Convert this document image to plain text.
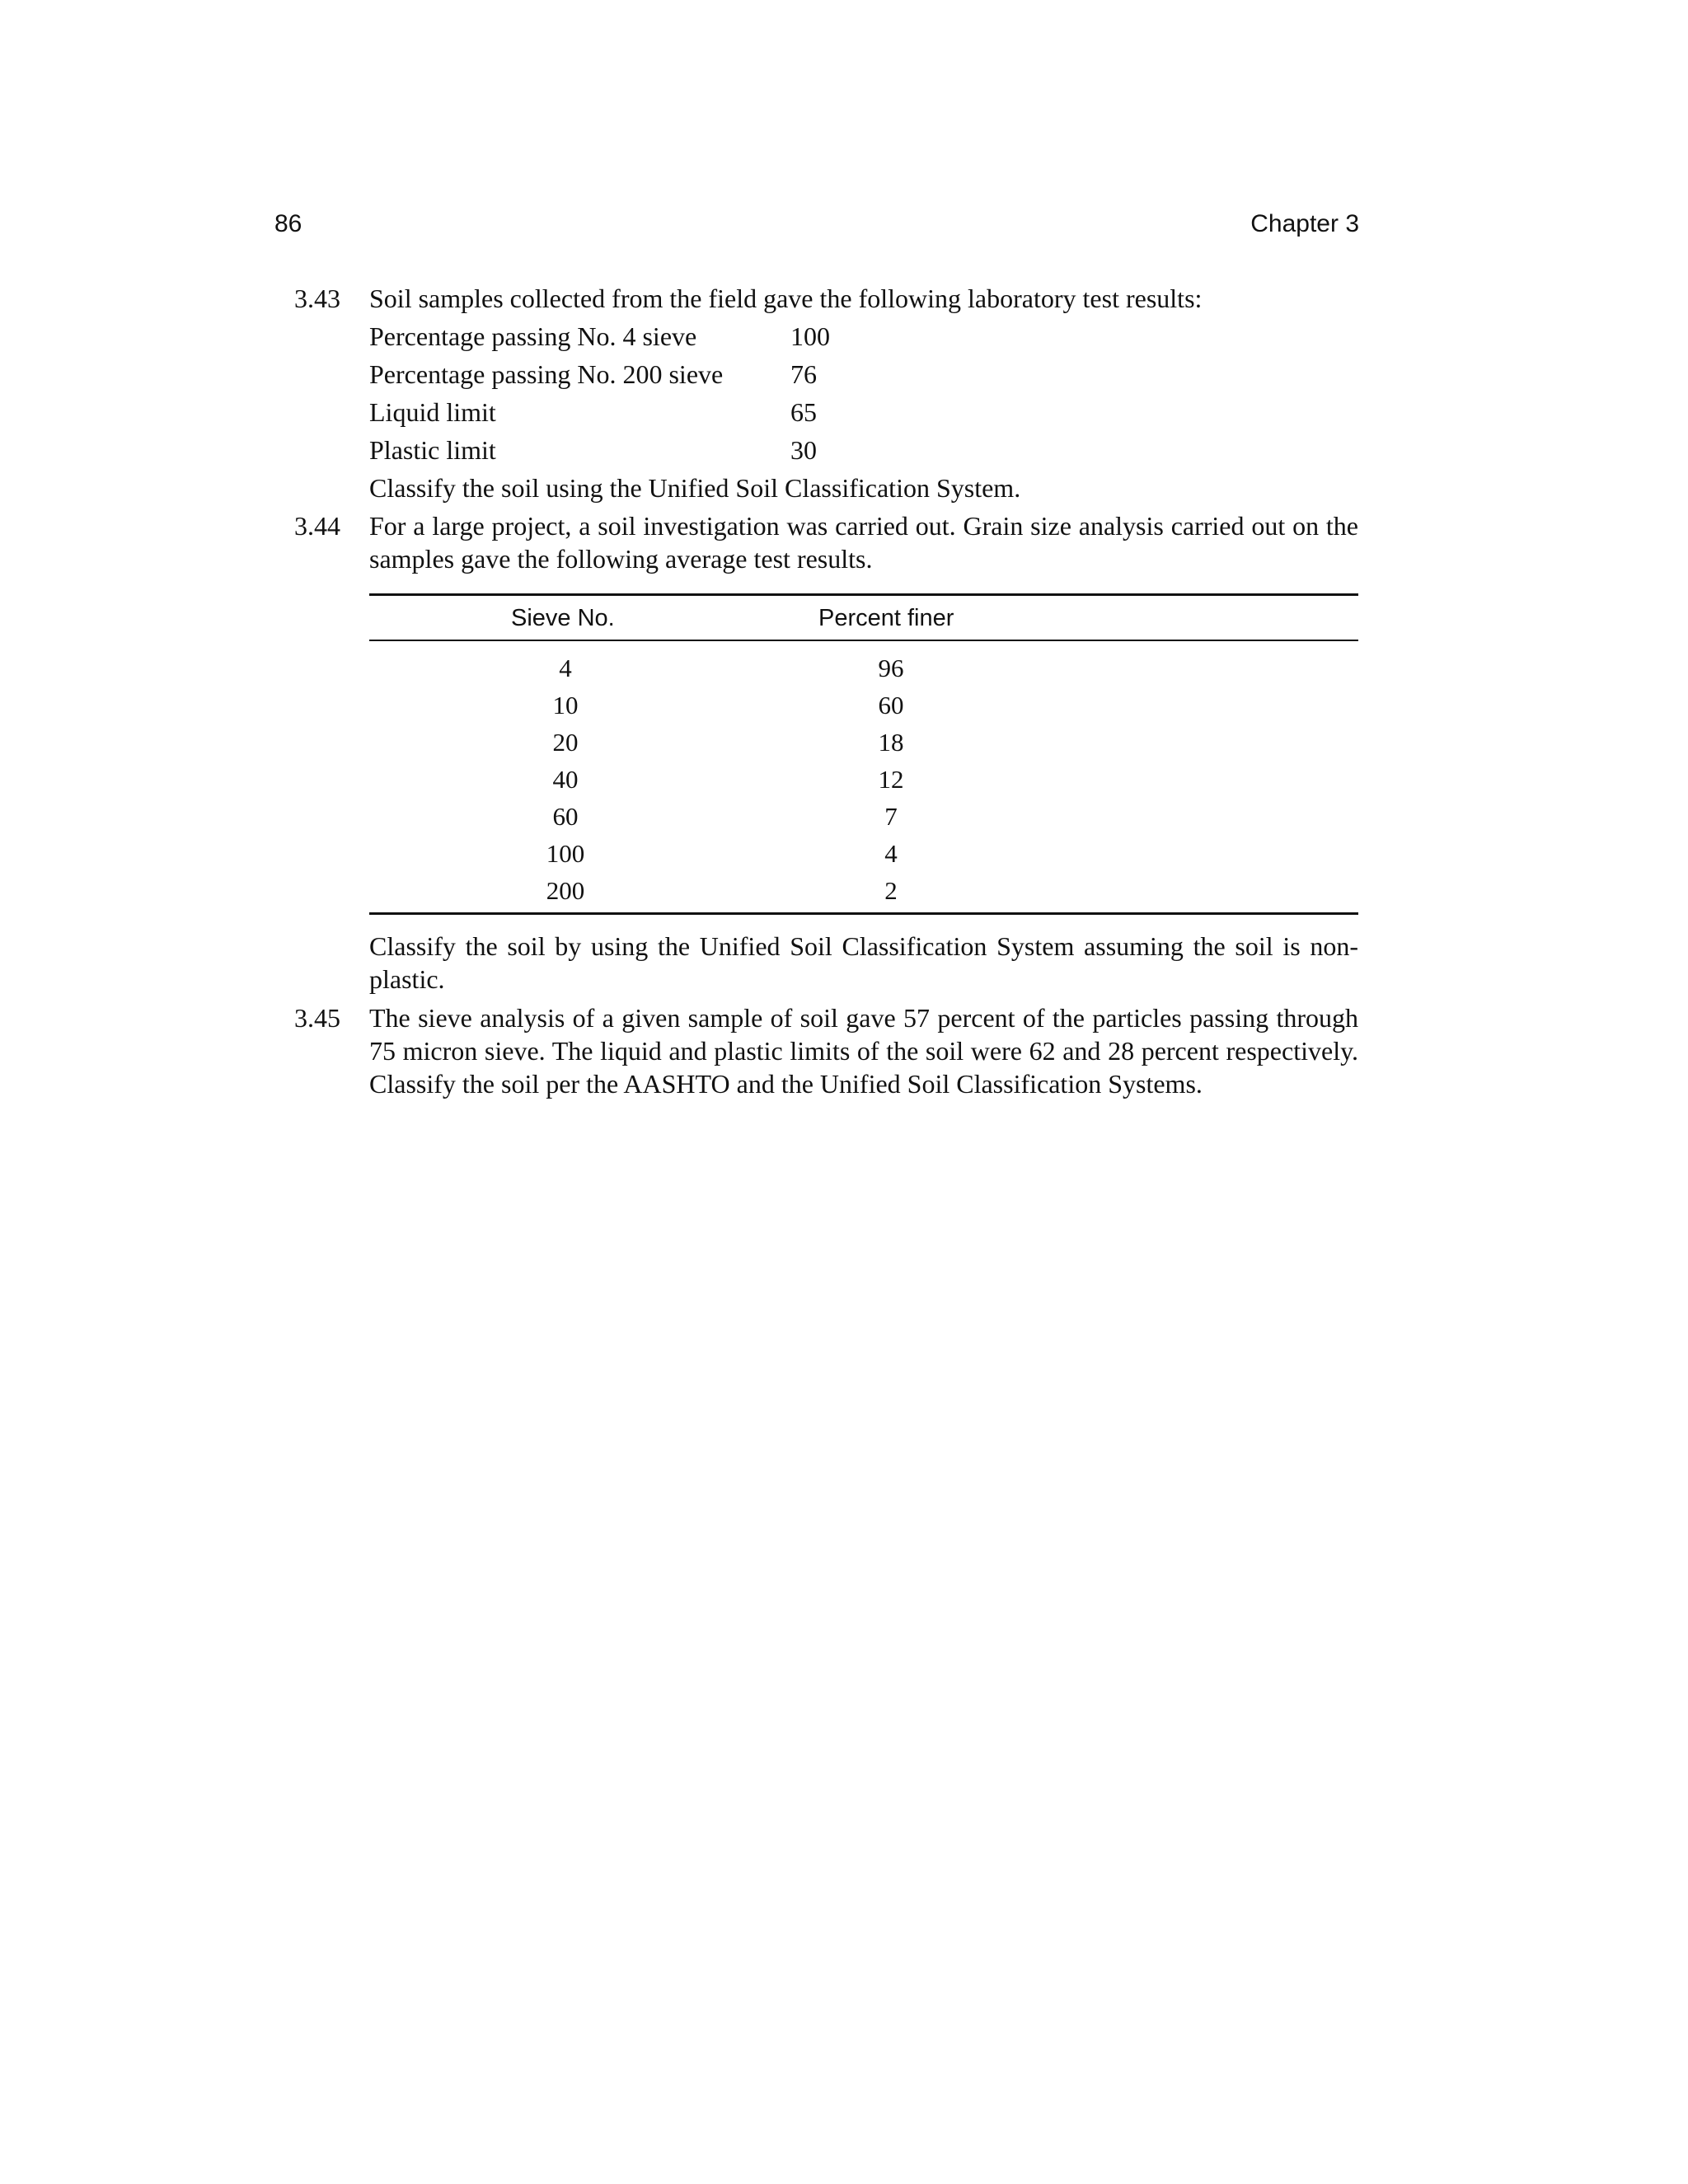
86	Chapter 3
3.43 Soil samples collected from the field gave the following laboratory test results:
Percentage passing No. 4 sieve	100
Percentage passing No. 200 sieve	76
Liquid limit	65
Plastic limit	30
Classify the soil using the Unified Soil Classification System.
3.44 For a large project, a soil investigation was carried out. Grain size analysis carried out on the samples gave the following average test results.
Sieve No.	Percent finer
4	96
10	60
20	18
40	12
60	7
100	4
200	2
Classify the soil by using the Unified Soil Classification System assuming the soil is non-plastic.
3.45 The sieve analysis of a given sample of soil gave 57 percent of the particles passing through 75 micron sieve. The liquid and plastic limits of the soil were 62 and 28 percent respectively. Classify the soil per the AASHTO and the Unified Soil Classification Systems.
